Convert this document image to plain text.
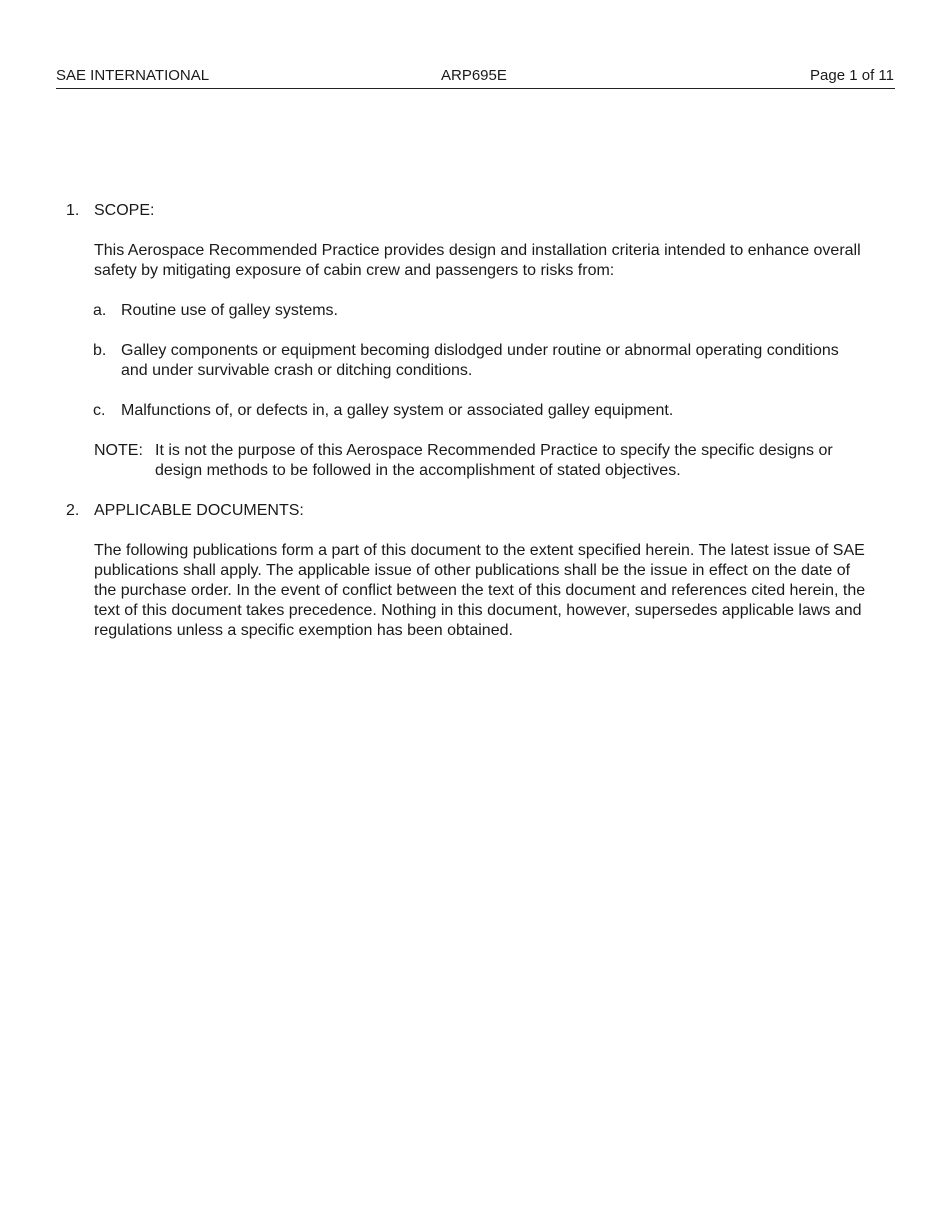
SAE INTERNATIONAL	ARP695E	Page 1 of 11
1. SCOPE:
This Aerospace Recommended Practice provides design and installation criteria intended to enhance overall safety by mitigating exposure of cabin crew and passengers to risks from:
a. Routine use of galley systems.
b. Galley components or equipment becoming dislodged under routine or abnormal operating conditions and under survivable crash or ditching conditions.
c. Malfunctions of, or defects in, a galley system or associated galley equipment.
NOTE: It is not the purpose of this Aerospace Recommended Practice to specify the specific designs or design methods to be followed in the accomplishment of stated objectives.
2. APPLICABLE DOCUMENTS:
The following publications form a part of this document to the extent specified herein. The latest issue of SAE publications shall apply. The applicable issue of other publications shall be the issue in effect on the date of the purchase order. In the event of conflict between the text of this document and references cited herein, the text of this document takes precedence. Nothing in this document, however, supersedes applicable laws and regulations unless a specific exemption has been obtained.
